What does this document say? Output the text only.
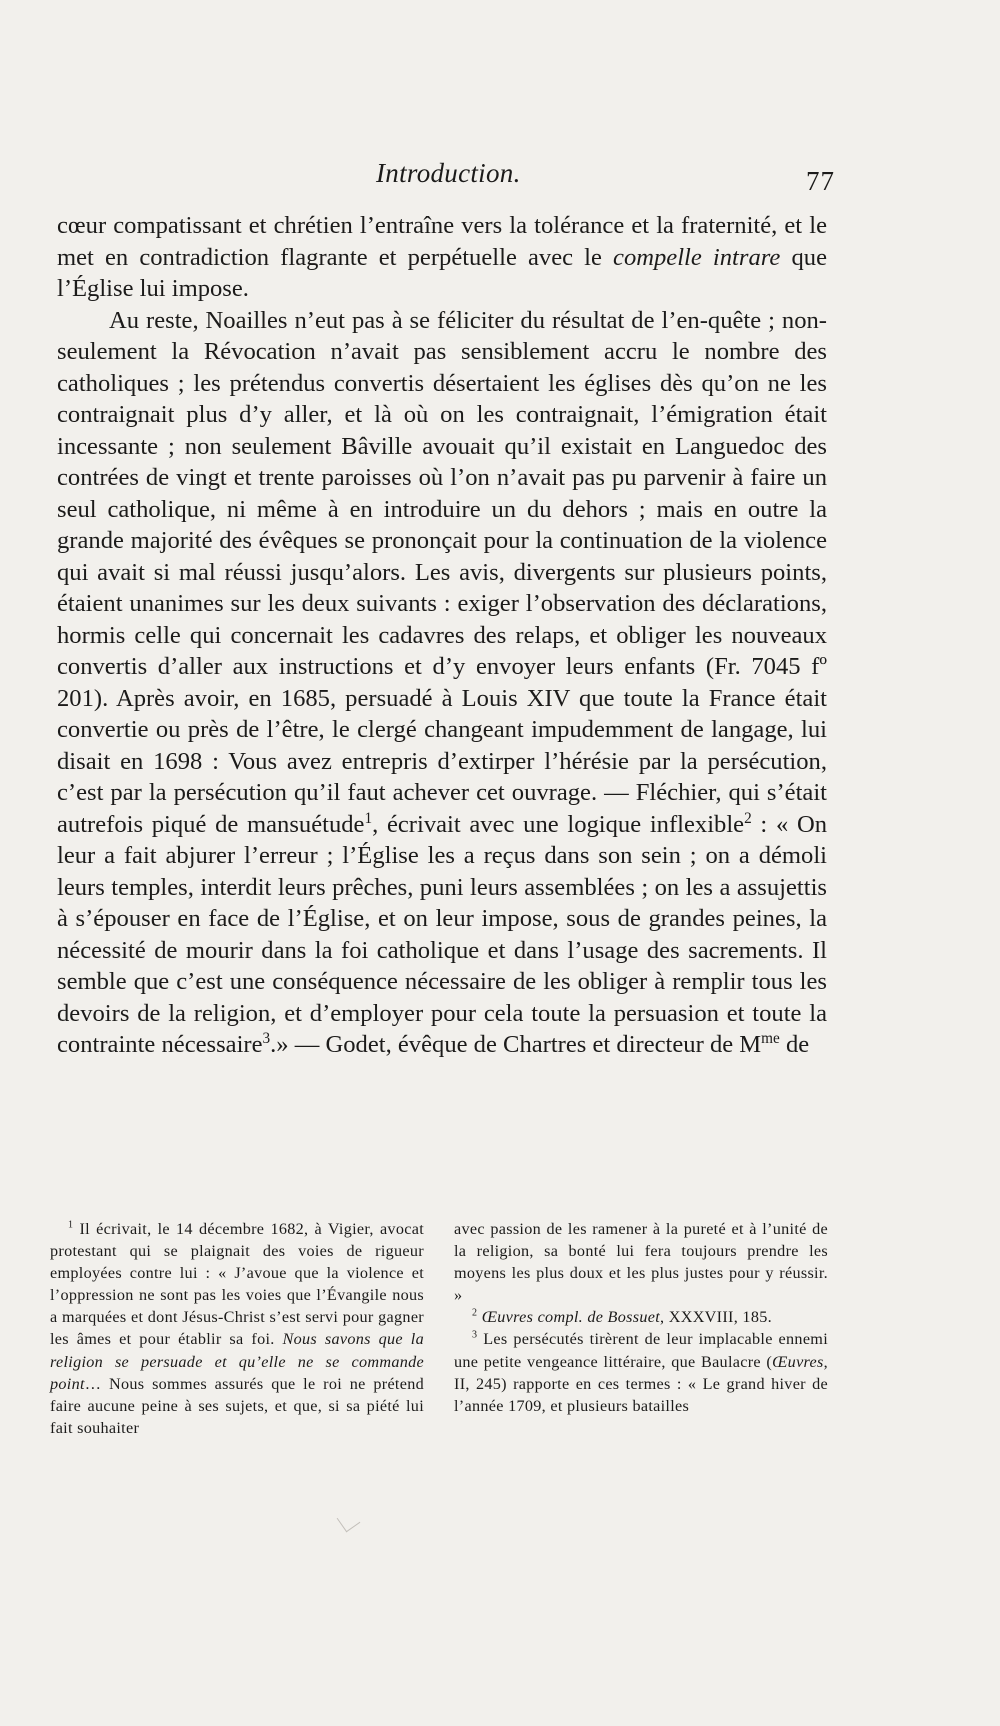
Introduction.	77

cœur compatissant et chrétien l’entraîne vers la tolérance et la fraternité, et le met en contradiction flagrante et perpétuelle avec le compelle intrare que l’Église lui impose.

Au reste, Noailles n’eut pas à se féliciter du résultat de l’en-quête ; non-seulement la Révocation n’avait pas sensiblement accru le nombre des catholiques ; les prétendus convertis désertaient les églises dès qu’on ne les contraignait plus d’y aller, et là où on les contraignait, l’émigration était incessante ; non seulement Bâville avouait qu’il existait en Languedoc des contrées de vingt et trente paroisses où l’on n’avait pas pu parvenir à faire un seul catholique, ni même à en introduire un du dehors ; mais en outre la grande majorité des évêques se prononçait pour la continuation de la violence qui avait si mal réussi jusqu’alors. Les avis, divergents sur plusieurs points, étaient unanimes sur les deux suivants : exiger l’observation des déclarations, hormis celle qui concernait les cadavres des relaps, et obliger les nouveaux convertis d’aller aux instructions et d’y envoyer leurs enfants (Fr. 7045 fº 201). Après avoir, en 1685, persuadé à Louis XIV que toute la France était convertie ou près de l’être, le clergé changeant impudemment de langage, lui disait en 1698 : Vous avez entrepris d’extirper l’hérésie par la persécution, c’est par la persécution qu’il faut achever cet ouvrage. — Fléchier, qui s’était autrefois piqué de mansuétude$^1$, écrivait avec une logique inflexible$^2$ : « On leur a fait abjurer l’erreur ; l’Église les a reçus dans son sein ; on a démoli leurs temples, interdit leurs prêches, puni leurs assemblées ; on les a assujettis à s’épouser en face de l’Église, et on leur impose, sous de grandes peines, la nécessité de mourir dans la foi catholique et dans l’usage des sacrements. Il semble que c’est une conséquence nécessaire de les obliger à remplir tous les devoirs de la religion, et d’employer pour cela toute la persuasion et toute la contrainte nécessaire$^3$.» — Godet, évêque de Chartres et directeur de $M^{me}$ de

$^1$ Il écrivait, le 14 décembre 1682, à Vigier, avocat protestant qui se plaignait des voies de rigueur employées contre lui : « J’avoue que la violence et l’oppression ne sont pas les voies que l’Évangile nous a marquées et dont Jésus-Christ s’est servi pour gagner les âmes et pour établir sa foi. Nous savons que la religion se persuade et qu’elle ne se commande point… Nous sommes assurés que le roi ne prétend faire aucune peine à ses sujets, et que, si sa piété lui fait souhaiter

avec passion de les ramener à la pureté et à l’unité de la religion, sa bonté lui fera toujours prendre les moyens les plus doux et les plus justes pour y réussir. »

$^2$ Œuvres compl. de Bossuet, XXXVIII, 185.

$^3$ Les persécutés tirèrent de leur implacable ennemi une petite vengeance littéraire, que Baulacre (Œuvres, II, 245) rapporte en ces termes : « Le grand hiver de l’année 1709, et plusieurs batailles
